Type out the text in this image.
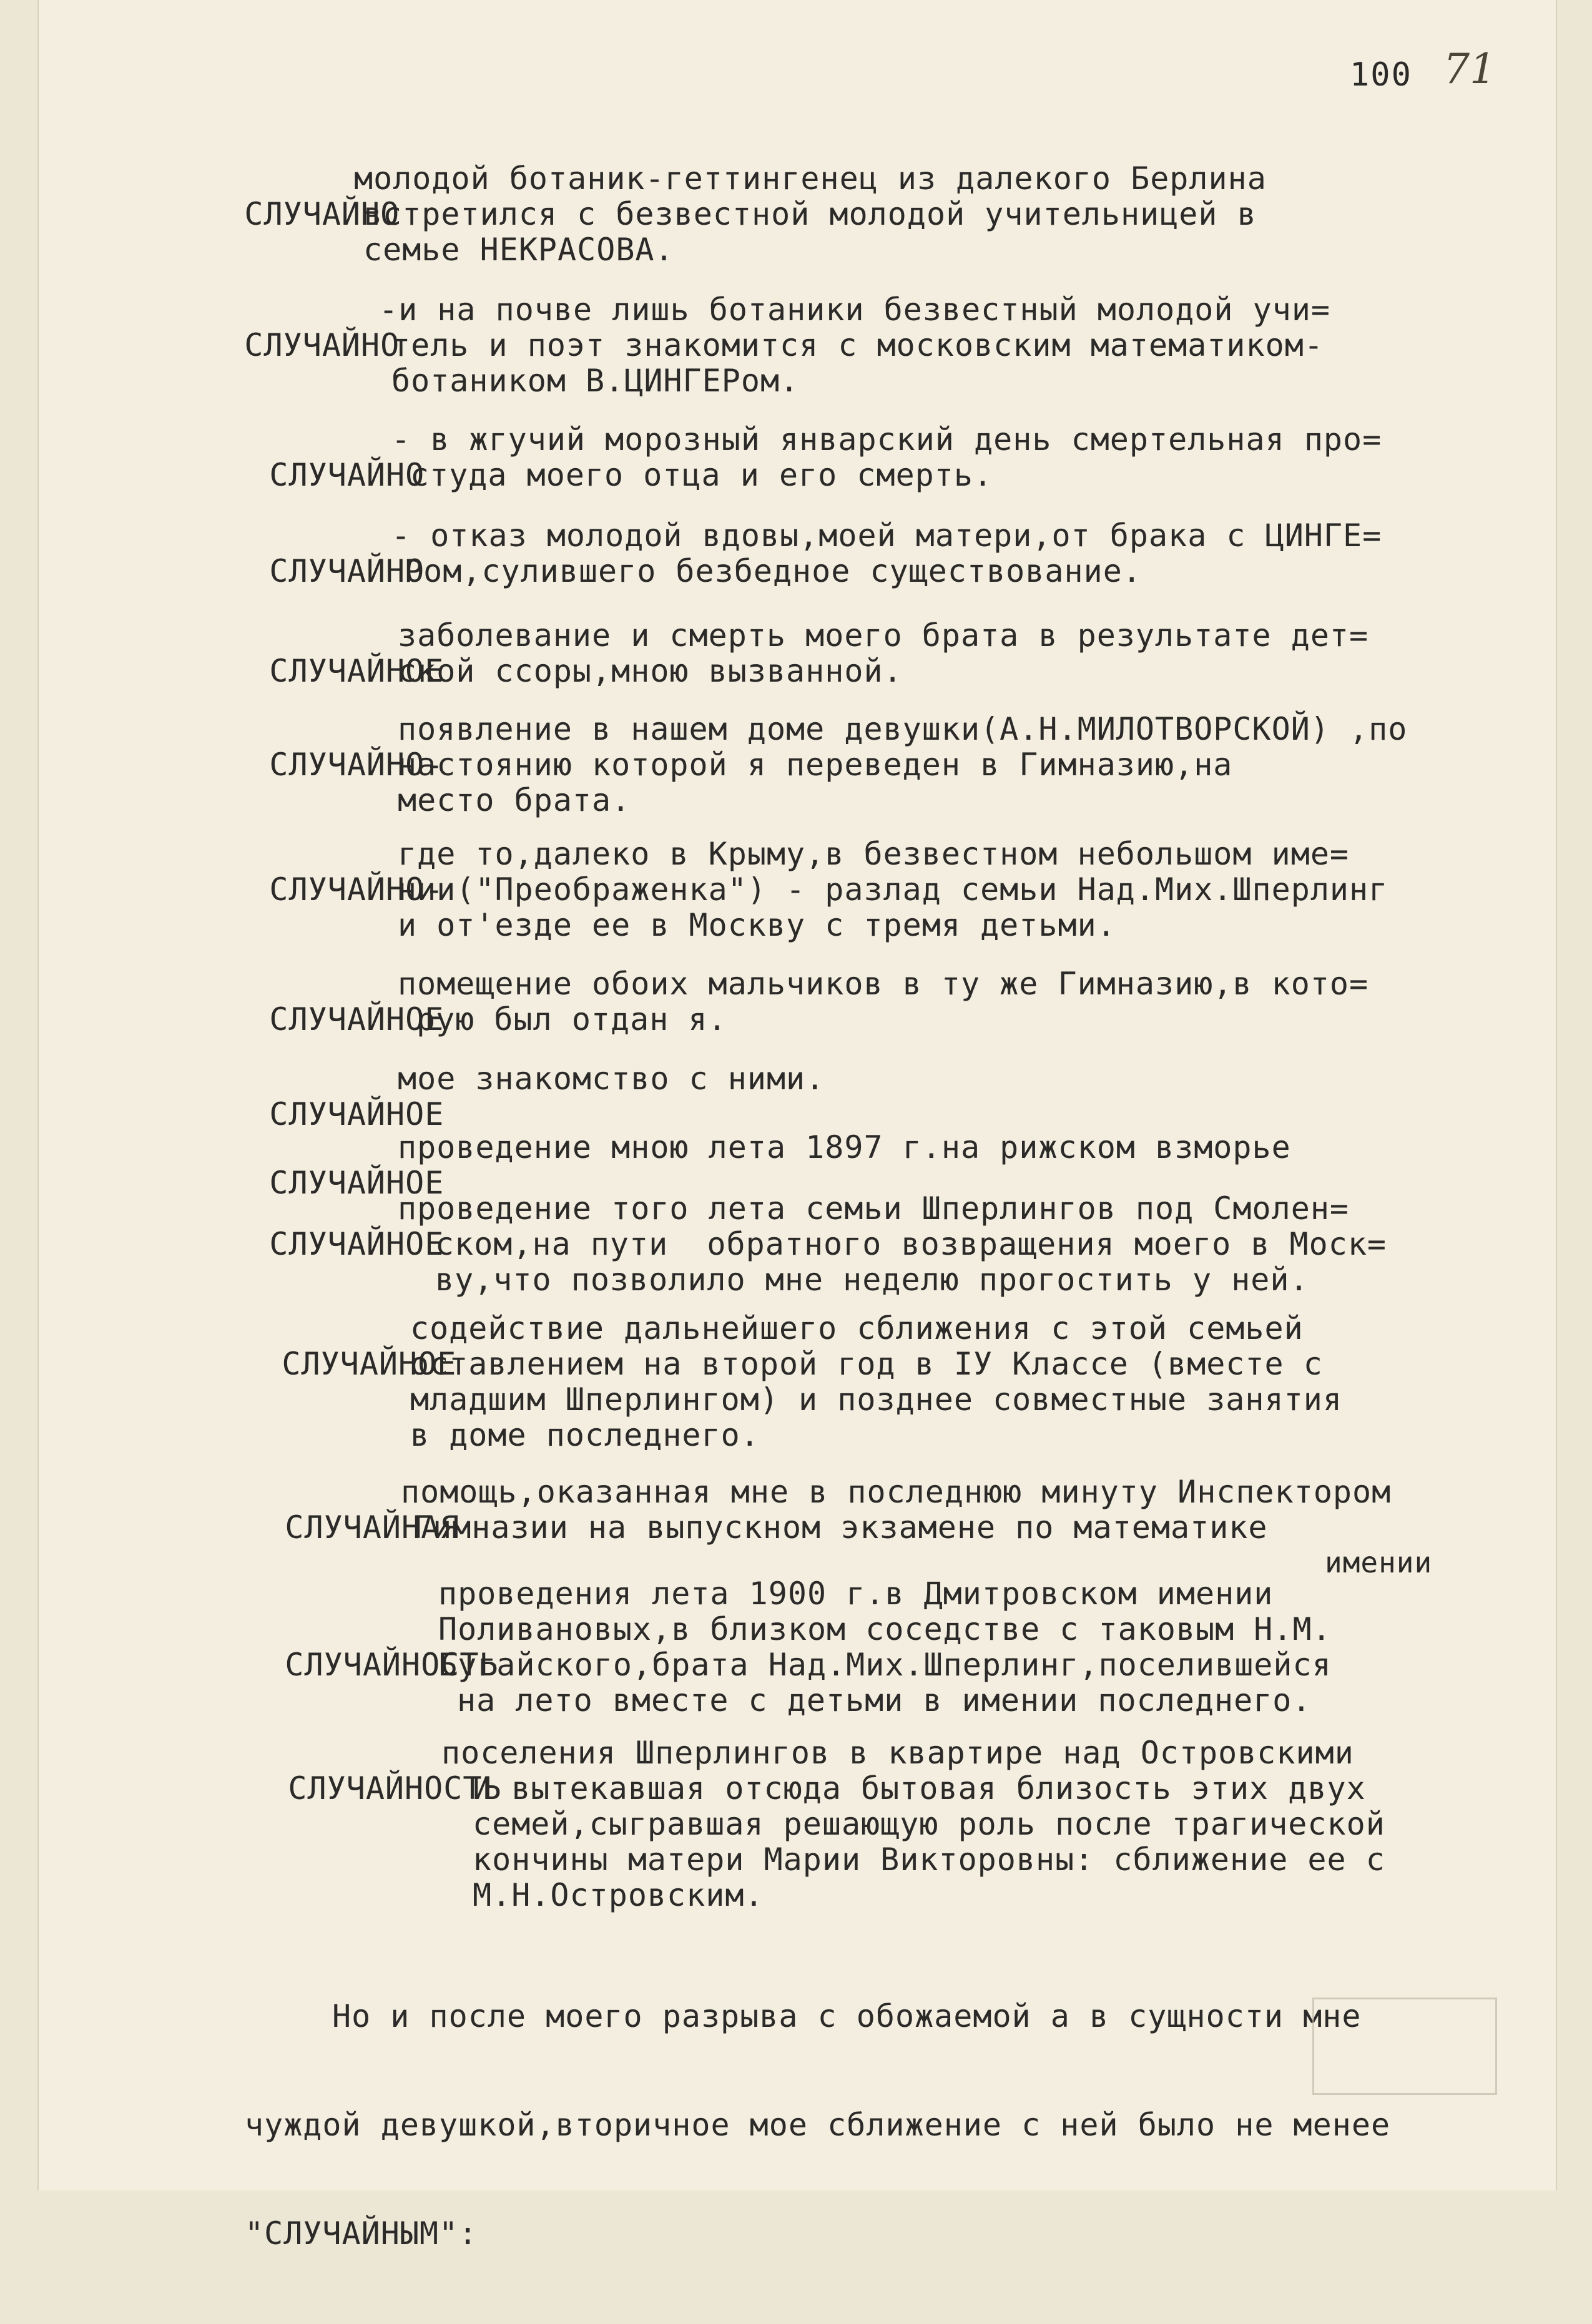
100 71

СЛУЧАЙНО

молодой ботаник-геттингенец из далекого Берлина

встретился с безвестной молодой учительницей в

семье НЕКРАСОВА.

СЛУЧАЙНО

-и на почве лишь ботаники безвестный молодой учи=

тель и поэт знакомится с московским математиком-

ботаником В.ЦИНГЕРом.

СЛУЧАЙНО

- в жгучий морозный январский день смертельная про=

студа моего отца и его смерть.

СЛУЧАЙНО

- отказ молодой вдовы,моей матери,от брака с ЦИНГЕ=

Ром,сулившего безбедное существование.

СЛУЧАЙНОЕ

заболевание и смерть моего брата в результате дет=

ской ссоры,мною вызванной.

СЛУЧАЙНО-

появление в нашем доме девушки(А.Н.МИЛОТВОРСКОЙ) ,по

настоянию которой я переведен в Гимназию,на

место брата.

СЛУЧАЙНО-

где то,далеко в Крыму,в безвестном небольшом име=

нии("Преображенка") - разлад семьи Над.Мих.Шперлинг

и от'езде ее в Москву с тремя детьми.

СЛУЧАЙНОЕ

помещение обоих мальчиков в ту же Гимназию,в кото=

рую был отдан я.

СЛУЧАЙНОЕ

мое знакомство с ними.

СЛУЧАЙНОЕ

проведение мною лета 1897 г.на рижском взморье

СЛУЧАЙНОЕ

проведение того лета семьи Шперлингов под Смолен=

ском,на пути  обратного возвращения моего в Моск=

ву,что позволило мне неделю прогостить у ней.

СЛУЧАЙНОЕ

содействие дальнейшего сближения с этой семьей

оставлением на второй год в IУ Классе (вместе с

младшим Шперлингом) и позднее совместные занятия

в доме последнего.

СЛУЧАЙНАЯ

помощь,оказанная мне в последнюю минуту Инспектором

Гимназии на выпускном экзамене по математике

имении

СЛУЧАЙНОСТЬ

проведения лета 1900 г.в Дмитровском имении

Поливановых,в близком соседстве с таковым Н.М.

Бугайского,брата Над.Мих.Шперлинг,поселившейся

на лето вместе с детьми в имении последнего.

СЛУЧАЙНОСТЬ

поселения Шперлингов в квартире над Островскими

И вытекавшая отсюда бытовая близость этих двух

семей,сыгравшая решающую роль после трагической

кончины матери Марии Викторовны: сближение ее с

М.Н.Островским.

Но и после моего разрыва с обожаемой а в сущности мне

чуждой девушкой,вторичное мое сближение с ней было не менее

"СЛУЧАЙНЫМ":
